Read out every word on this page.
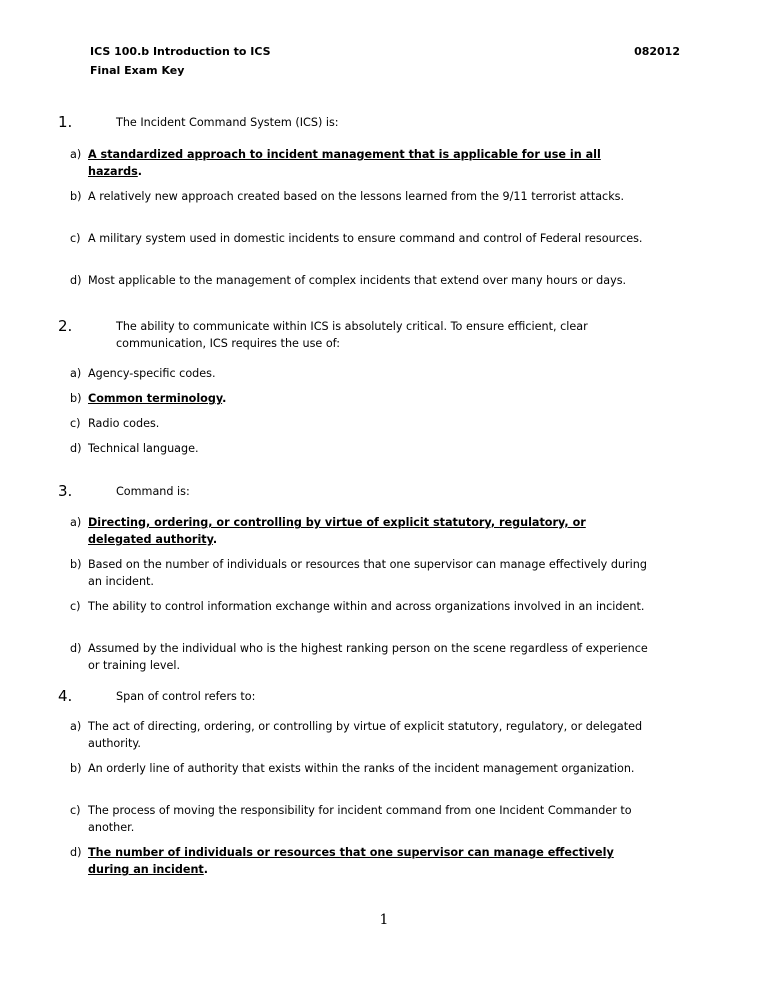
ICS 100.b Introduction to ICS
Final Exam Key
082012
1.	The Incident Command System (ICS) is:
a) A standardized approach to incident management that is applicable for use in all hazards.
b) A relatively new approach created based on the lessons learned from the 9/11 terrorist attacks.
c) A military system used in domestic incidents to ensure command and control of Federal resources.
d) Most applicable to the management of complex incidents that extend over many hours or days.
2.	The ability to communicate within ICS is absolutely critical. To ensure efficient, clear communication, ICS requires the use of:
a) Agency-specific codes.
b) Common terminology.
c) Radio codes.
d) Technical language.
3.	Command is:
a) Directing, ordering, or controlling by virtue of explicit statutory, regulatory, or delegated authority.
b) Based on the number of individuals or resources that one supervisor can manage effectively during an incident.
c) The ability to control information exchange within and across organizations involved in an incident.
d) Assumed by the individual who is the highest ranking person on the scene regardless of experience or training level.
4.	Span of control refers to:
a) The act of directing, ordering, or controlling by virtue of explicit statutory, regulatory, or delegated authority.
b) An orderly line of authority that exists within the ranks of the incident management organization.
c) The process of moving the responsibility for incident command from one Incident Commander to another.
d) The number of individuals or resources that one supervisor can manage effectively during an incident.
1
